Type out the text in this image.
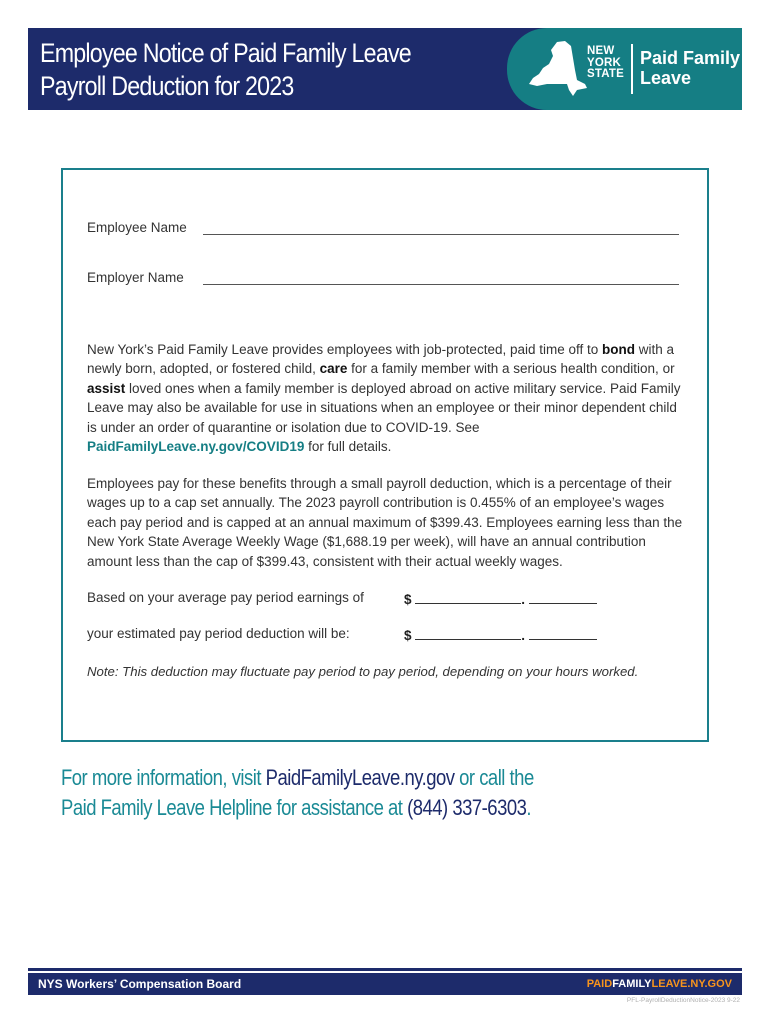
Employee Notice of Paid Family Leave
Payroll Deduction for 2023
NEW
YORK
STATE
Paid Family
Leave
Employee Name
Employer Name

New York’s Paid Family Leave provides employees with job-protected, paid time off to bond with a newly born, adopted, or fostered child, care for a family member with a serious health condition, or assist loved ones when a family member is deployed abroad on active military service. Paid Family Leave may also be available for use in situations when an employee or their minor dependent child is under an order of quarantine or isolation due to COVID-19. See PaidFamilyLeave.ny.gov/COVID19 for full details.

Employees pay for these benefits through a small payroll deduction, which is a percentage of their wages up to a cap set annually. The 2023 payroll contribution is 0.455% of an employee’s wages each pay period and is capped at an annual maximum of $399.43. Employees earning less than the New York State Average Weekly Wage ($1,688.19 per week), will have an annual contribution amount less than the cap of $399.43, consistent with their actual weekly wages.

Based on your average pay period earnings of	$	.
your estimated pay period deduction will be:	$	.

Note: This deduction may fluctuate pay period to pay period, depending on your hours worked.

For more information, visit PaidFamilyLeave.ny.gov or call the
Paid Family Leave Helpline for assistance at (844) 337-6303.
NYS Workers’ Compensation Board	PAIDFAMILYLEAVE.NY.GOV
PFL-PayrollDeductionNotice-2023 9-22
